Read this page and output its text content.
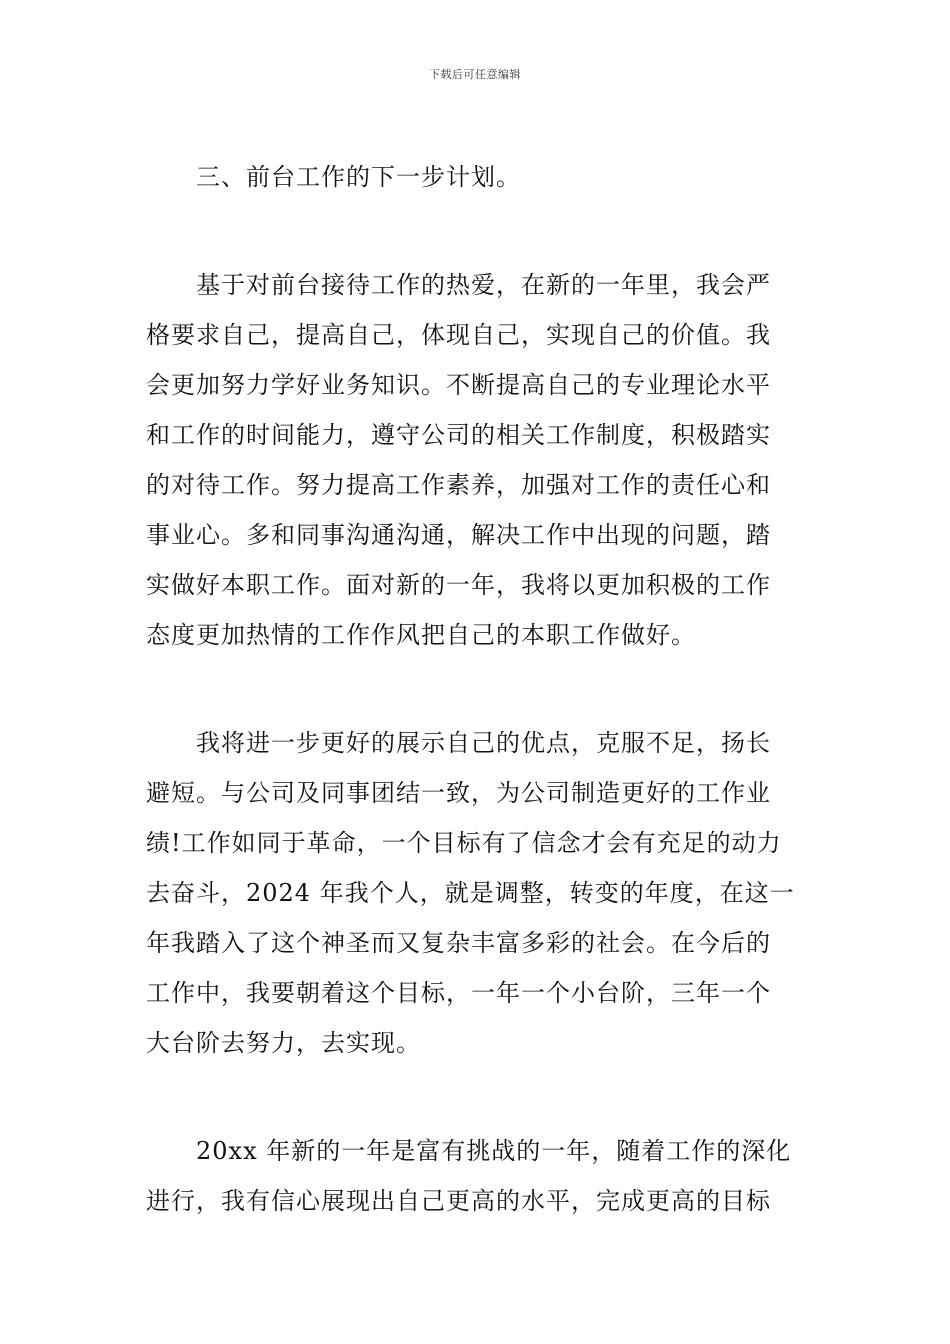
下载后可任意编辑
三、前台工作的下一步计划。
基于对前台接待工作的热爱，在新的一年里，我会严
格要求自己，提高自己，体现自己，实现自己的价值。我
会更加努力学好业务知识。不断提高自己的专业理论水平
和工作的时间能力，遵守公司的相关工作制度，积极踏实
的对待工作。努力提高工作素养，加强对工作的责任心和
事业心。多和同事沟通沟通，解决工作中出现的问题，踏
实做好本职工作。面对新的一年，我将以更加积极的工作
态度更加热情的工作作风把自己的本职工作做好。
我将进一步更好的展示自己的优点，克服不足，扬长
避短。与公司及同事团结一致，为公司制造更好的工作业
绩!工作如同于革命，一个目标有了信念才会有充足的动力
去奋斗，2024 年我个人，就是调整，转变的年度，在这一
年我踏入了这个神圣而又复杂丰富多彩的社会。在今后的
工作中，我要朝着这个目标，一年一个小台阶，三年一个
大台阶去努力，去实现。
20xx 年新的一年是富有挑战的一年，随着工作的深化
进行，我有信心展现出自己更高的水平，完成更高的目标
